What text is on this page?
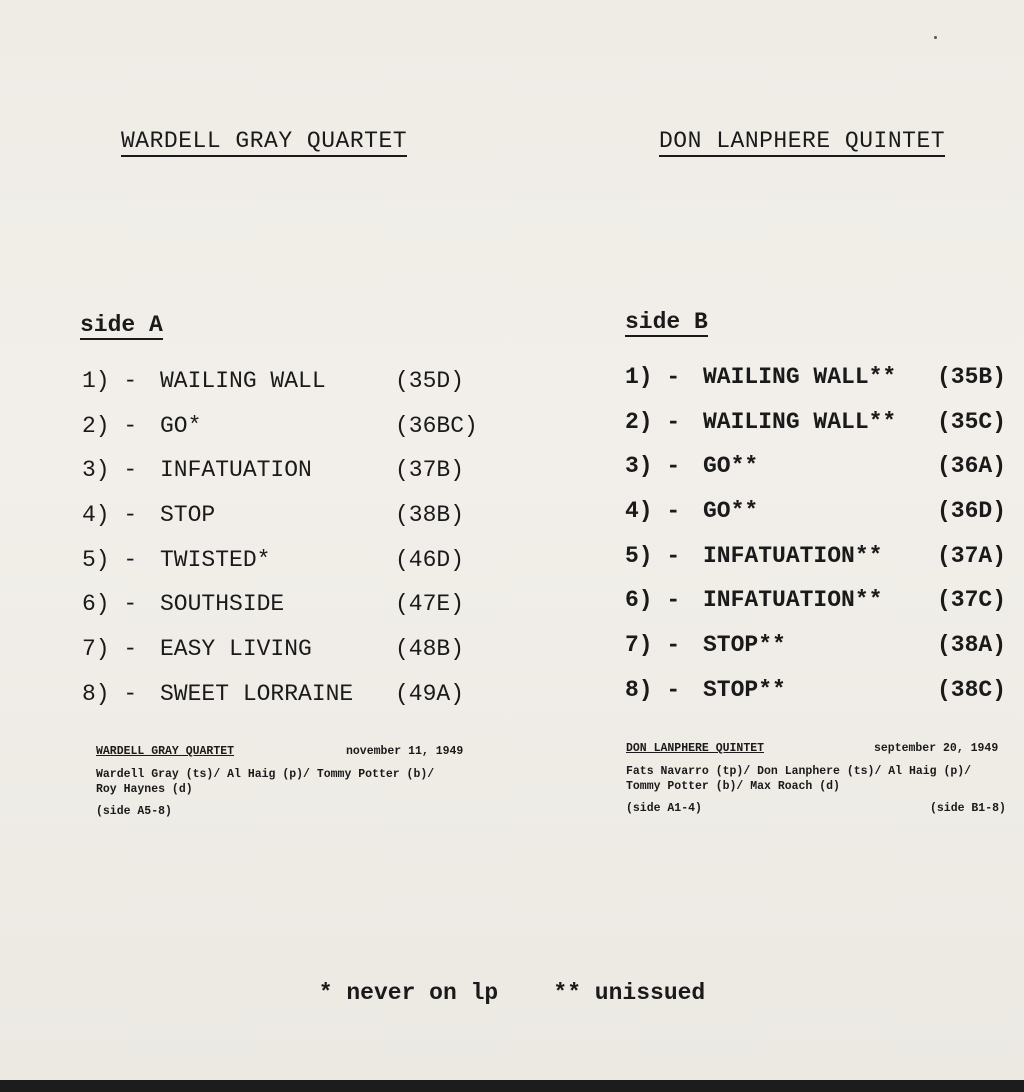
WARDELL GRAY QUARTET	DON LANPHERE QUINTET
side A	side B
1) - WAILING WALL	(35D)
2) - GO*	(36BC)
3) - INFATUATION	(37B)
4) - STOP	(38B)
5) - TWISTED*	(46D)
6) - SOUTHSIDE	(47E)
7) - EASY LIVING	(48B)
8) - SWEET LORRAINE (49A)
1) - WAILING WALL** (35B)
2) - WAILING WALL** (35C)
3) - GO**	(36A)
4) - GO**	(36D)
5) - INFATUATION** (37A)
6) - INFATUATION** (37C)
7) - STOP**	(38A)
8) - STOP**	(38C)
WARDELL GRAY QUARTET	november 11, 1949
Wardell Gray (ts)/ Al Haig (p)/ Tommy Potter (b)/
Roy Haynes (d)
(side A5-8)
DON LANPHERE QUINTET	september 20, 1949
Fats Navarro (tp)/ Don Lanphere (ts)/ Al Haig (p)/
Tommy Potter (b)/ Max Roach (d)
(side A1-4)	(side B1-8)
* never on lp    ** unissued
